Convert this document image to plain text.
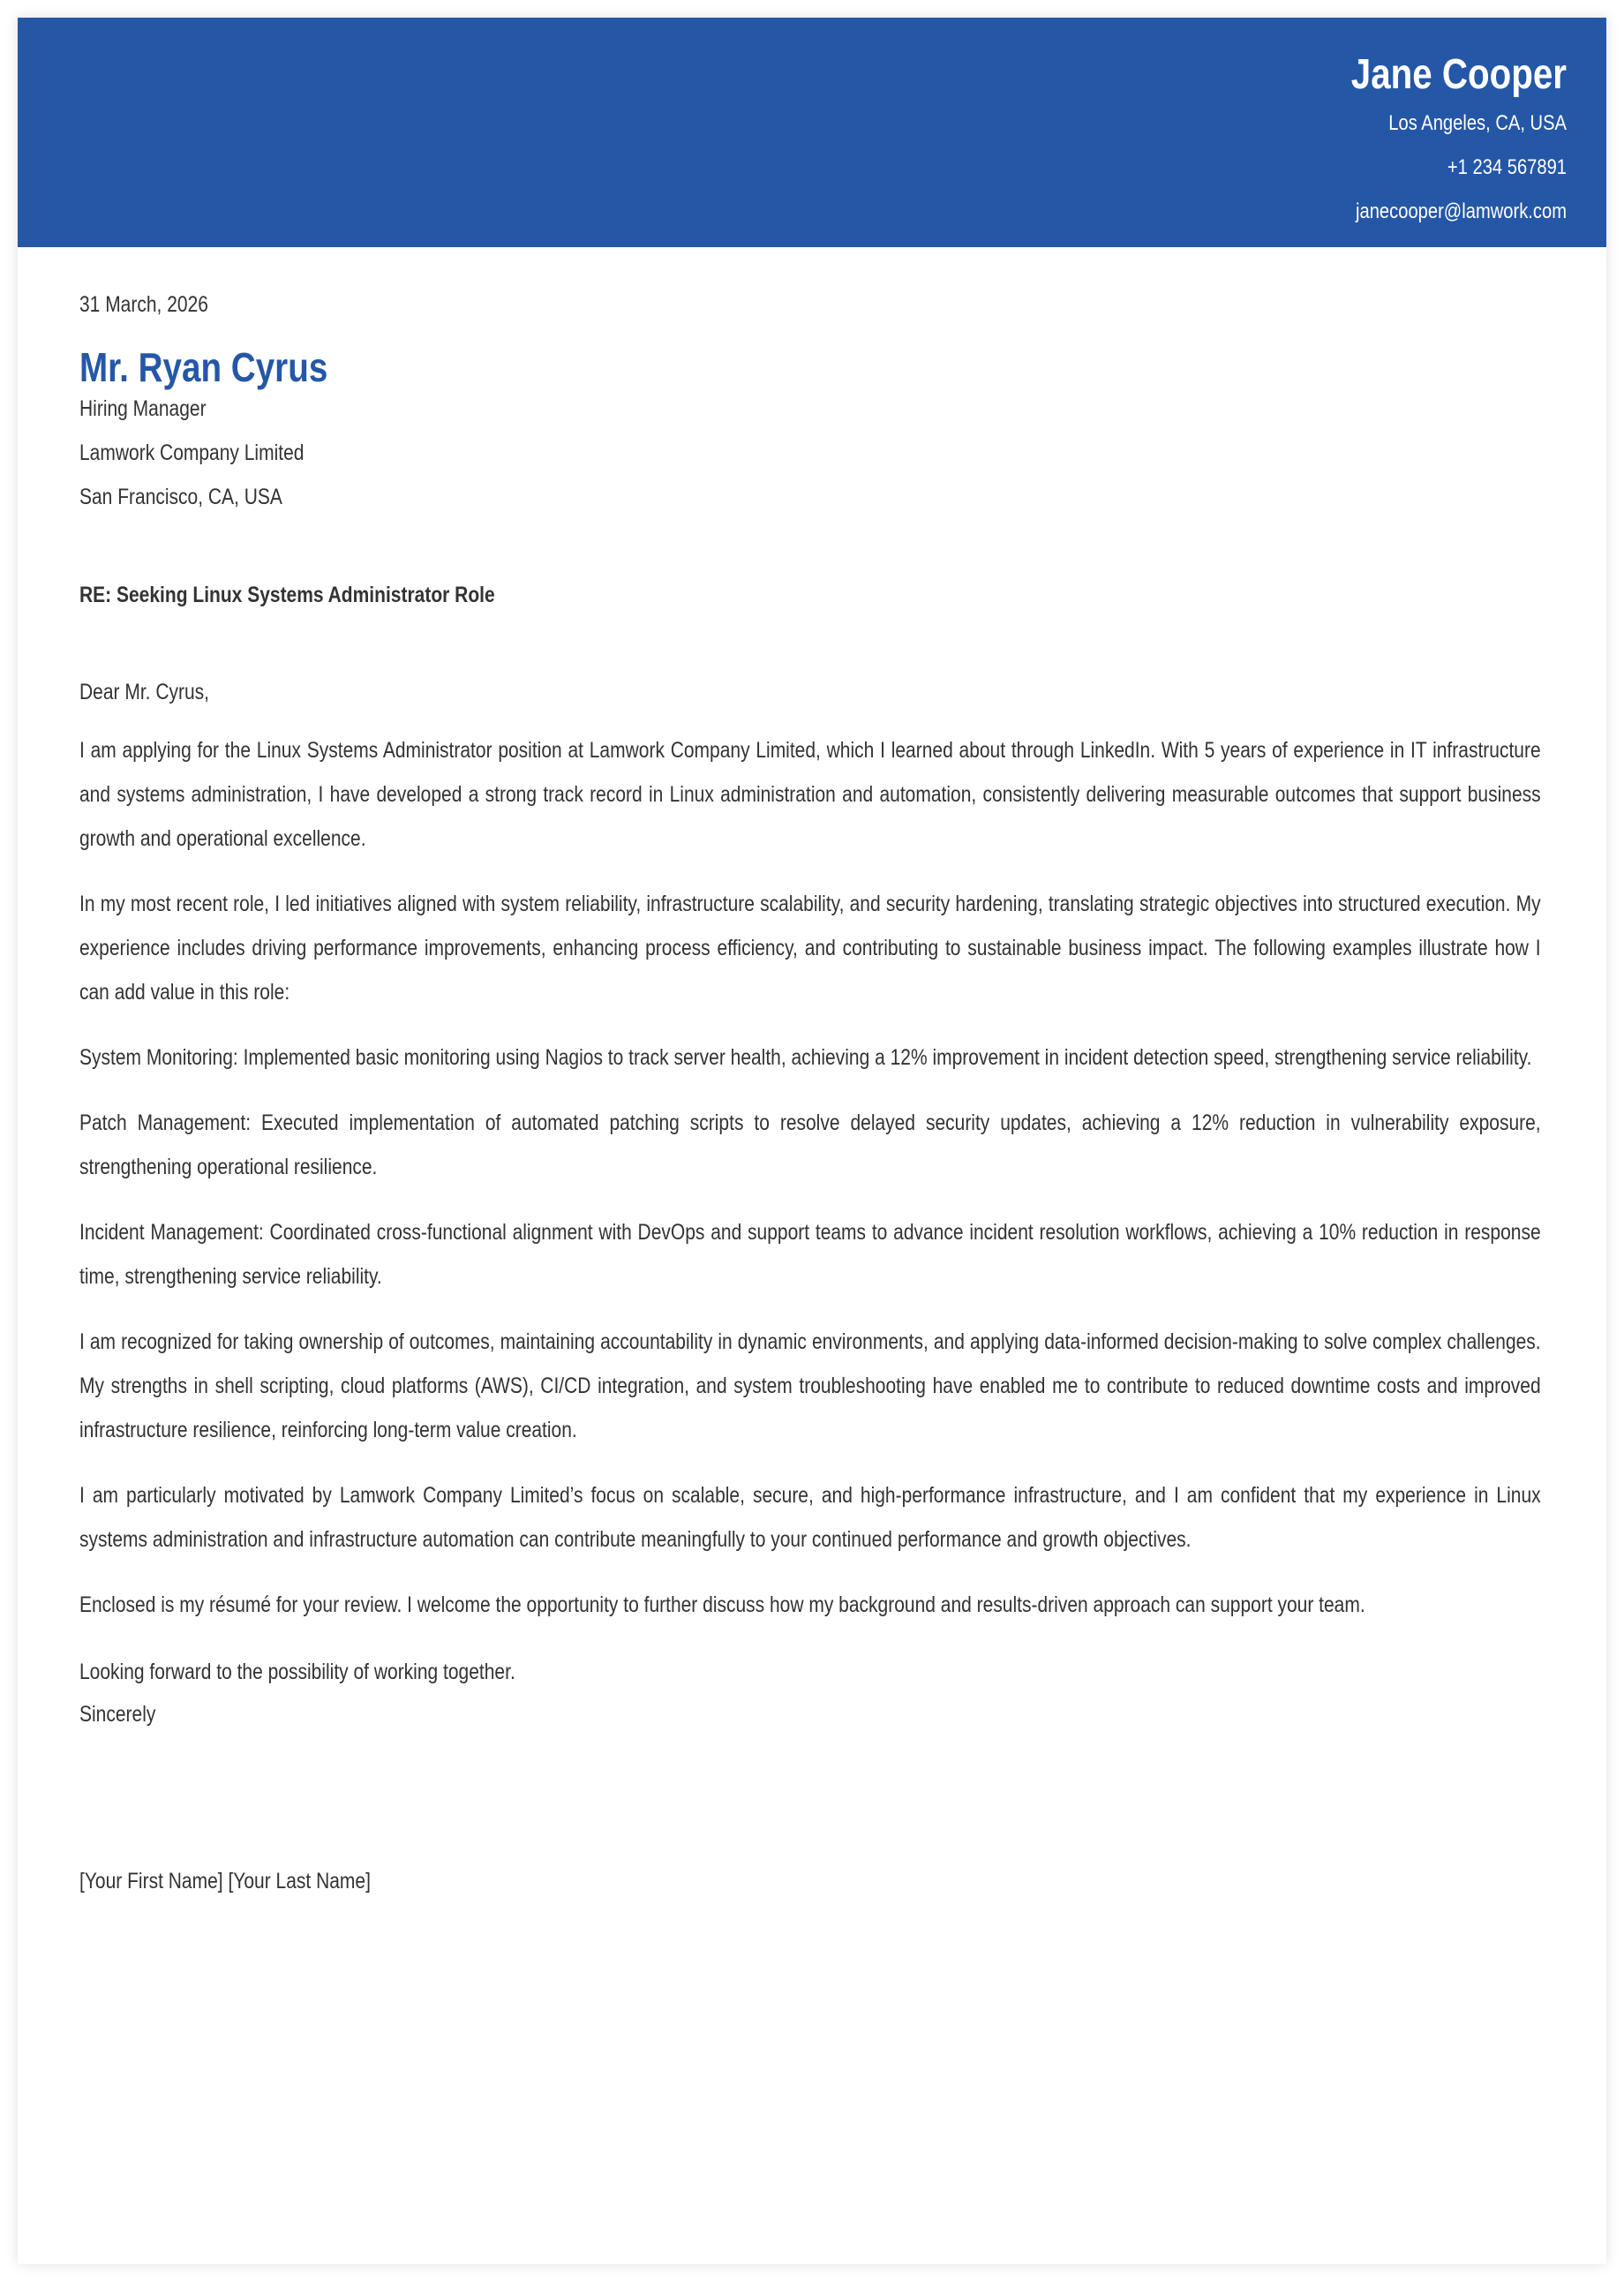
Jane Cooper
Los Angeles, CA, USA
+1 234 567891
janecooper@lamwork.com
31 March, 2026
Mr. Ryan Cyrus
Hiring Manager
Lamwork Company Limited
San Francisco, CA, USA
RE: Seeking Linux Systems Administrator Role
Dear Mr. Cyrus,

I am applying for the Linux Systems Administrator position at Lamwork Company Limited, which I learned about through LinkedIn. With 5 years of experience in IT infrastructure and systems administration, I have developed a strong track record in Linux administration and automation, consistently delivering measurable outcomes that support business growth and operational excellence.

In my most recent role, I led initiatives aligned with system reliability, infrastructure scalability, and security hardening, translating strategic objectives into structured execution. My experience includes driving performance improvements, enhancing process efficiency, and contributing to sustainable business impact. The following examples illustrate how I can add value in this role:

System Monitoring: Implemented basic monitoring using Nagios to track server health, achieving a 12% improvement in incident detection speed, strengthening service reliability.

Patch Management: Executed implementation of automated patching scripts to resolve delayed security updates, achieving a 12% reduction in vulnerability exposure, strengthening operational resilience.

Incident Management: Coordinated cross-functional alignment with DevOps and support teams to advance incident resolution workflows, achieving a 10% reduction in response time, strengthening service reliability.

I am recognized for taking ownership of outcomes, maintaining accountability in dynamic environments, and applying data-informed decision-making to solve complex challenges. My strengths in shell scripting, cloud platforms (AWS), CI/CD integration, and system troubleshooting have enabled me to contribute to reduced downtime costs and improved infrastructure resilience, reinforcing long-term value creation.

I am particularly motivated by Lamwork Company Limited’s focus on scalable, secure, and high-performance infrastructure, and I am confident that my experience in Linux systems administration and infrastructure automation can contribute meaningfully to your continued performance and growth objectives.

Enclosed is my résumé for your review. I welcome the opportunity to further discuss how my background and results-driven approach can support your team.

Looking forward to the possibility of working together.
Sincerely
[Your First Name] [Your Last Name]
